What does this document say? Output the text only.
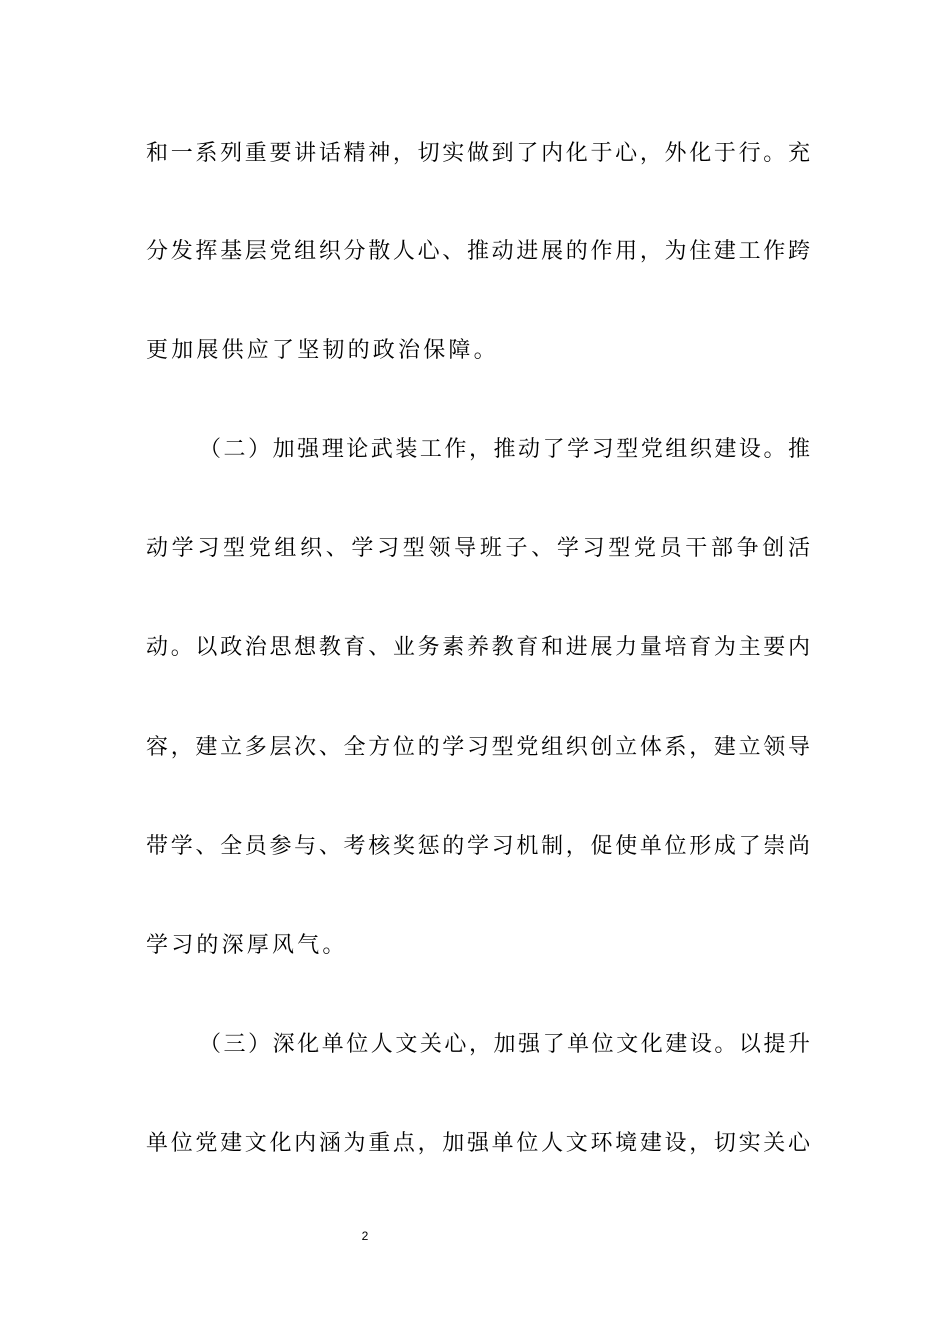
和一系列重要讲话精神，切实做到了内化于心，外化于行。充
分发挥基层党组织分散人心、推动进展的作用，为住建工作跨
更加展供应了坚韧的政治保障。
（二）加强理论武装工作，推动了学习型党组织建设。推
动学习型党组织、学习型领导班子、学习型党员干部争创活
动。以政治思想教育、业务素养教育和进展力量培育为主要内
容，建立多层次、全方位的学习型党组织创立体系，建立领导
带学、全员参与、考核奖惩的学习机制，促使单位形成了崇尚
学习的深厚风气。
（三）深化单位人文关心，加强了单位文化建设。以提升
单位党建文化内涵为重点，加强单位人文环境建设，切实关心
2
